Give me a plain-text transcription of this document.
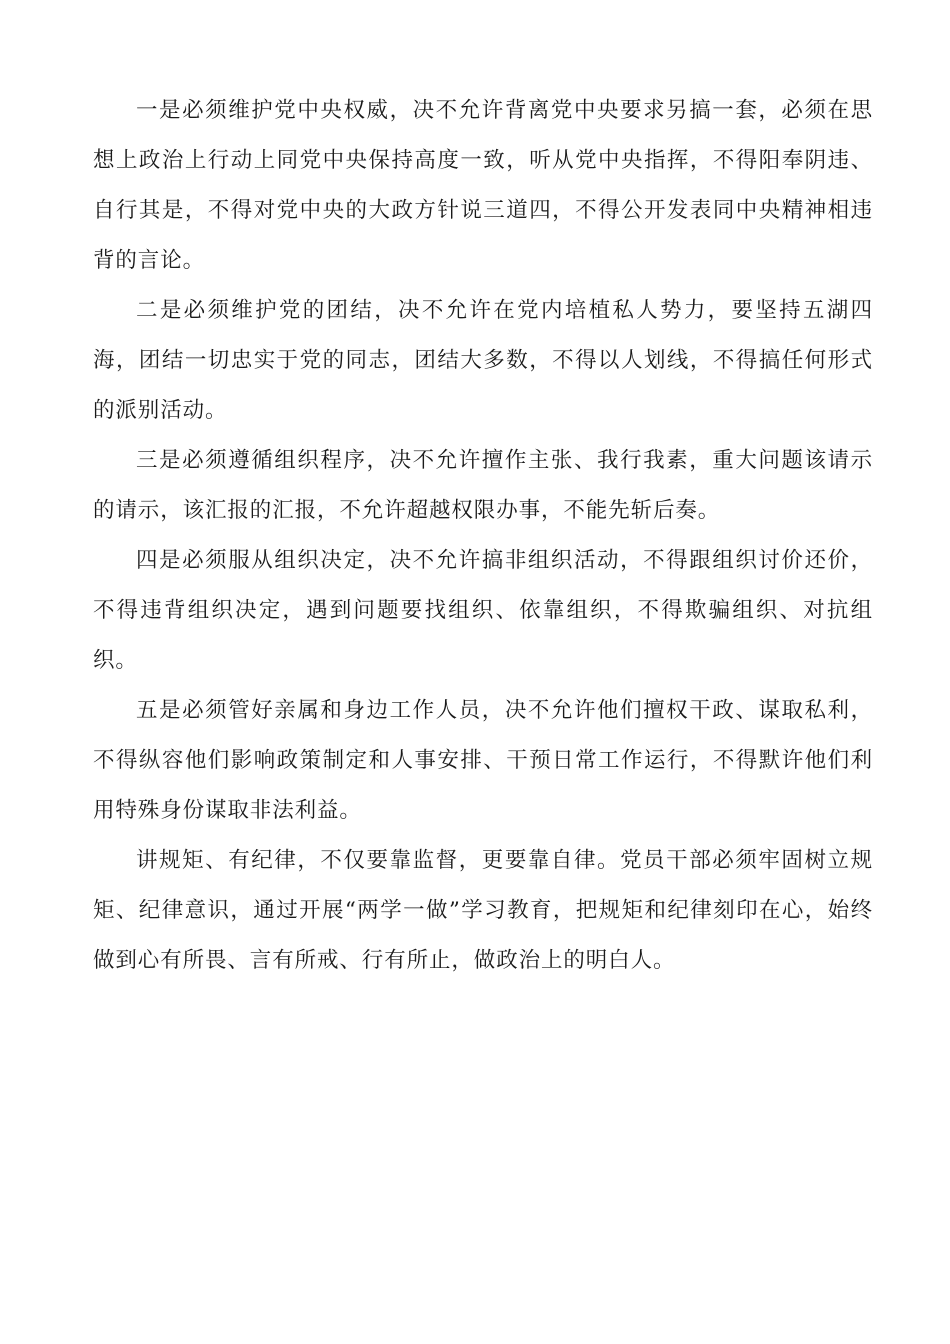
一是必须维护党中央权威，决不允许背离党中央要求另搞一套，必须在思想上政治上行动上同党中央保持高度一致，听从党中央指挥，不得阳奉阴违、自行其是，不得对党中央的大政方针说三道四，不得公开发表同中央精神相违背的言论。

二是必须维护党的团结，决不允许在党内培植私人势力，要坚持五湖四海，团结一切忠实于党的同志，团结大多数，不得以人划线，不得搞任何形式的派别活动。

三是必须遵循组织程序，决不允许擅作主张、我行我素，重大问题该请示的请示，该汇报的汇报，不允许超越权限办事，不能先斩后奏。

四是必须服从组织决定，决不允许搞非组织活动，不得跟组织讨价还价，不得违背组织决定，遇到问题要找组织、依靠组织，不得欺骗组织、对抗组织。

五是必须管好亲属和身边工作人员，决不允许他们擅权干政、谋取私利，不得纵容他们影响政策制定和人事安排、干预日常工作运行，不得默许他们利用特殊身份谋取非法利益。

讲规矩、有纪律，不仅要靠监督，更要靠自律。党员干部必须牢固树立规矩、纪律意识，通过开展“两学一做”学习教育，把规矩和纪律刻印在心，始终做到心有所畏、言有所戒、行有所止，做政治上的明白人。
